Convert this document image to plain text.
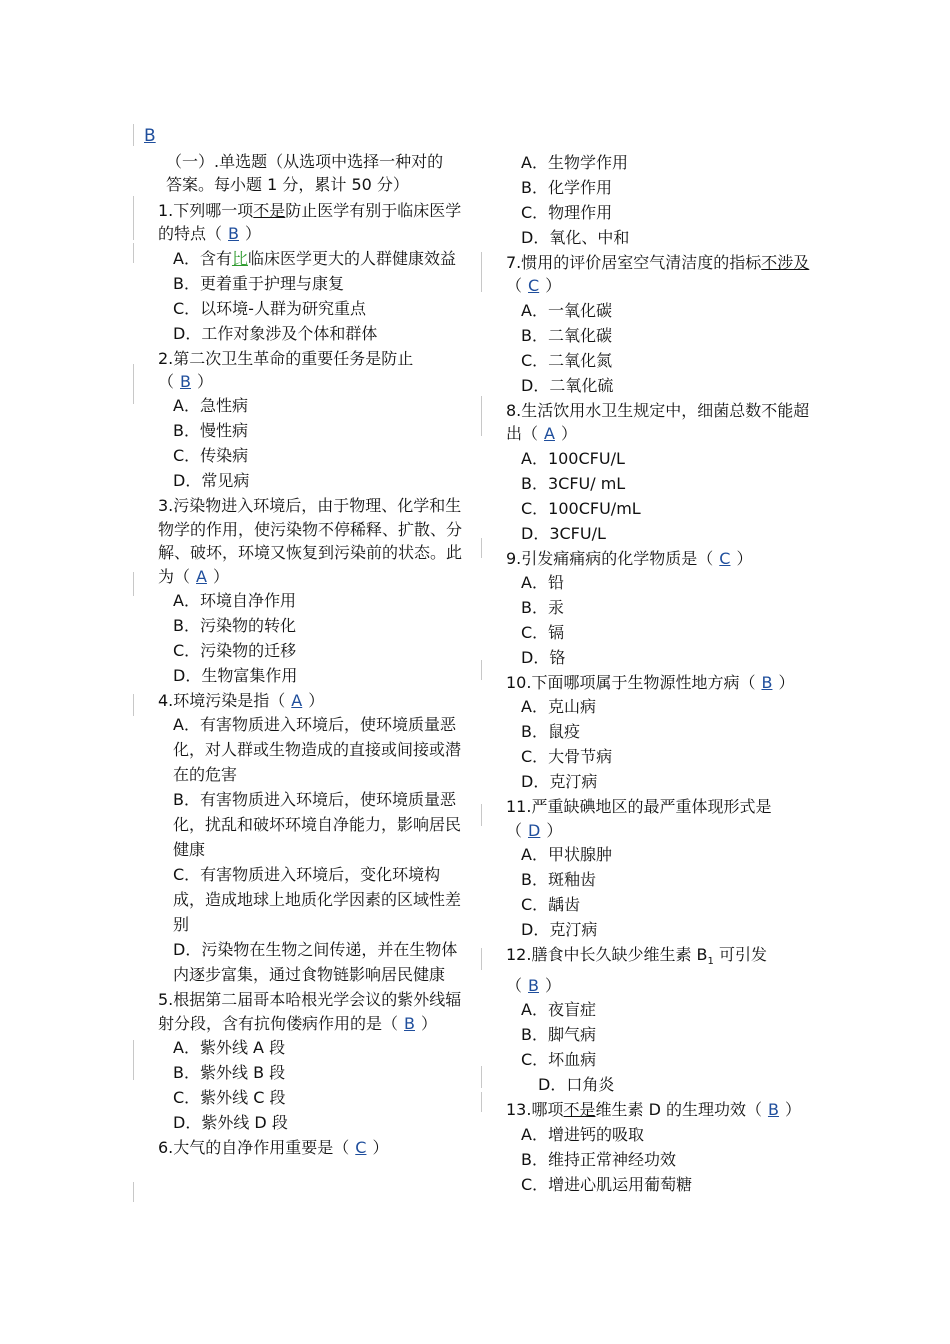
B
（一）.单选题（从选项中选择一种对的
答案。每小题 1 分，累计 50 分）
1.下列哪一项不是防止医学有别于临床医学的特点（ B ）
A．含有比临床医学更大的人群健康效益
B．更着重于护理与康复
C．以环境-人群为研究重点
D．工作对象涉及个体和群体
2.第二次卫生革命的重要任务是防止（ B ）
A．急性病
B．慢性病
C．传染病
D．常见病
3.污染物进入环境后，由于物理、化学和生物学的作用，使污染物不停稀释、扩散、分解、破坏，环境又恢复到污染前的状态。此为（ A ）
A．环境自净作用
B．污染物的转化
C．污染物的迁移
D．生物富集作用
4.环境污染是指（ A ）
A．有害物质进入环境后，使环境质量恶化，对人群或生物造成的直接或间接或潜在的危害
B．有害物质进入环境后，使环境质量恶化，扰乱和破坏环境自净能力，影响居民健康
C．有害物质进入环境后，变化环境构成，造成地球上地质化学因素的区域性差别
D．污染物在生物之间传递，并在生物体内逐步富集，通过食物链影响居民健康
5.根据第二届哥本哈根光学会议的紫外线辐射分段，含有抗佝偻病作用的是（ B ）
A．紫外线 A 段
B．紫外线 B 段
C．紫外线 C 段
D．紫外线 D 段
6.大气的自净作用重要是（ C ）
A．生物学作用
B．化学作用
C．物理作用
D．氧化、中和
7.惯用的评价居室空气清洁度的指标不涉及（ C ）
A．一氧化碳
B．二氧化碳
C．二氧化氮
D．二氧化硫
8.生活饮用水卫生规定中，细菌总数不能超出（ A ）
A．100CFU/L
B．3CFU/ mL
C．100CFU/mL
D．3CFU/L
9.引发痛痛病的化学物质是（ C ）
A．铅
B．汞
C．镉
D．铬
10.下面哪项属于生物源性地方病（ B ）
A．克山病
B．鼠疫
C．大骨节病
D．克汀病
11.严重缺碘地区的最严重体现形式是（ D ）
A．甲状腺肿
B．斑釉齿
C．龋齿
D．克汀病
12.膳食中长久缺少维生素 $B_1$ 可引发（ B ）
A．夜盲症
B．脚气病
C．坏血病
D．口角炎
13.哪项不是维生素 D 的生理功效（ B ）
A．增进钙的吸取
B．维持正常神经功效
C．增进心肌运用葡萄糖
